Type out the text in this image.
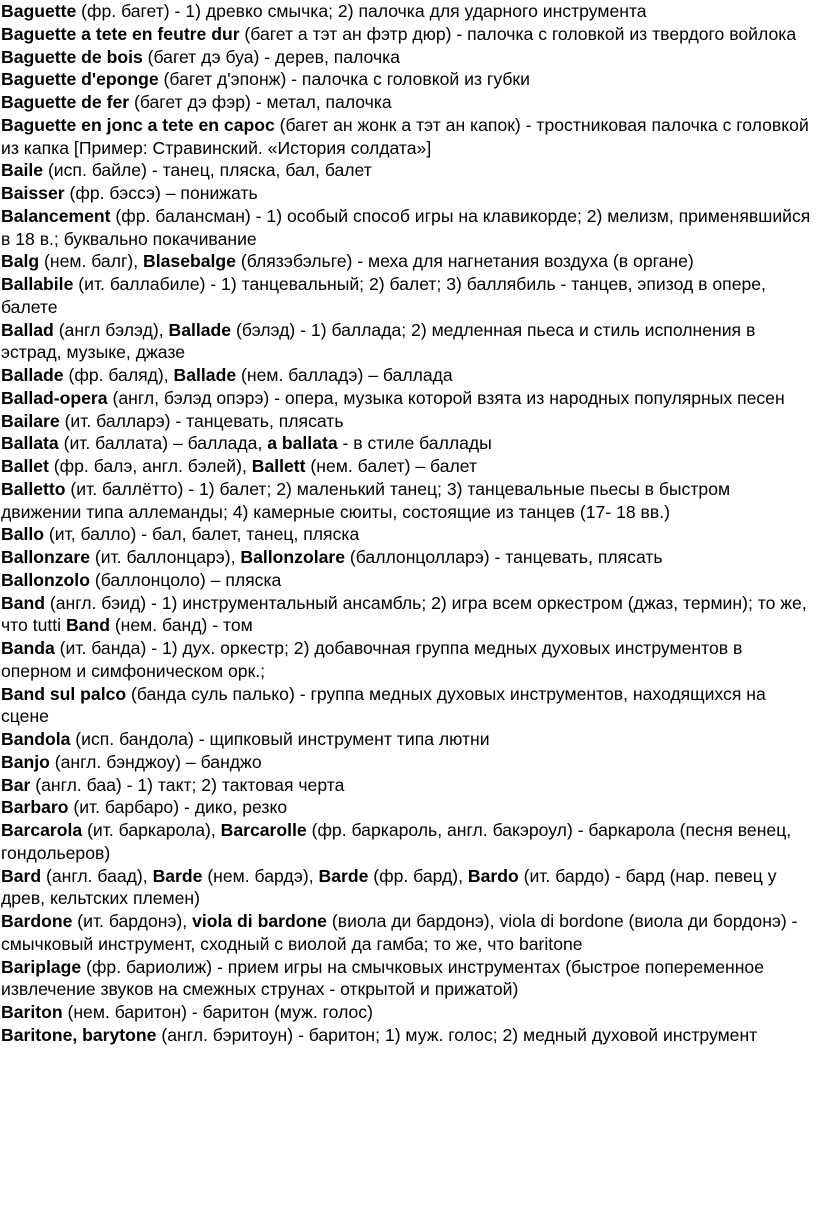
Baguette (фр. багет) - 1) древко смычка; 2) палочка для ударного инструмента

Baguette a tete en feutre dur (багет а тэт ан фэтр дюр) - палочка с головкой из твердого войлока

Baguette de bois (багет дэ буа) - дерев, палочка

Baguette d'eponge (багет д'эпонж) - палочка с головкой из губки

Baguette de fer (багет дэ фэр) - метал, палочка

Baguette en jonc a tete en capoc (багет ан жонк а тэт ан капок) - тростниковая палочка с головкой из капка [Пример: Стравинский. «История солдата»]

Baile (исп. байле) - танец, пляска, бал, балет

Baisser (фр. бэссэ) – понижать

Balancement (фр. балансман) - 1) особый способ игры на клавикорде; 2) мелизм, применявшийся в 18 в.; буквально покачивание

Balg (нем. балг), Blasebalge (блязэбэльге) - меха для нагнетания воздуха (в органе)

Ballabile (ит. баллабиле) - 1) танцевальный; 2) балет; 3) баллябиль - танцев, эпизод в опере, балете

Ballad (англ бэлэд), Ballade (бэлэд) - 1) баллада; 2) медленная пьеса и стиль исполнения в эстрад, музыке, джазе

Ballade (фр. баляд), Ballade (нем. балладэ) – баллада

Ballad-opera (англ, бэлэд опэрэ) - опера, музыка которой взята из народных популярных песен

Bailare (ит. балларэ) - танцевать, плясать

Ballata (ит. баллата) – баллада, a ballata - в стиле баллады

Ballet (фр. балэ, англ. бэлей), Ballett (нем. балет) – балет

Balletto (ит. баллётто) - 1) балет; 2) маленький танец; 3) танцевальные пьесы в быстром движении типа аллеманды; 4) камерные сюиты, состоящие из танцев (17- 18 вв.)

Ballo (ит, балло) - бал, балет, танец, пляска

Ballonzare (ит. баллонцарэ), Ballonzolare (баллонцолларэ) - танцевать, плясать

Ballonzolo (баллонцоло) – пляска

Band (англ. бэид) - 1) инструментальный ансамбль; 2) игра всем оркестром (джаз, термин); то же, что tutti Band (нем. банд) - том

Banda (ит. банда) - 1) дух. оркестр; 2) добавочная группа медных духовых инструментов в оперном и симфоническом орк.;

Band sul palco (банда суль палько) - группа медных духовых инструментов, находящихся на сцене

Bandola (исп. бандола) - щипковый инструмент типа лютни

Banjo (англ. бэнджоу) – банджо

Bar (англ. баа) - 1) такт; 2) тактовая черта

Barbaro (ит. барбаро) - дико, резко

Barcarola (ит. баркарола), Barcarolle (фр. баркароль, англ. бакэроул) - баркарола (песня венец, гондольеров)

Bard (англ. баад), Barde (нем. бардэ), Barde (фр. бард), Bardo (ит. бардо) - бард (нар. певец у древ, кельтских племен)

Bardone (ит. бардонэ), viola di bardone (виола ди бардонэ), viola di bordone (виола ди бордонэ) - смычковый инструмент, сходный с виолой да гамба; то же, что baritone

Bariplage (фр. бариолиж) - прием игры на смычковых инструментах (быстрое попеременное извлечение звуков на смежных струнах - открытой и прижатой)

Bariton (нем. баритон) - баритон (муж. голос)

Baritone, barytone (англ. бэритоун) - баритон; 1) муж. голос; 2) медный духовой инструмент
